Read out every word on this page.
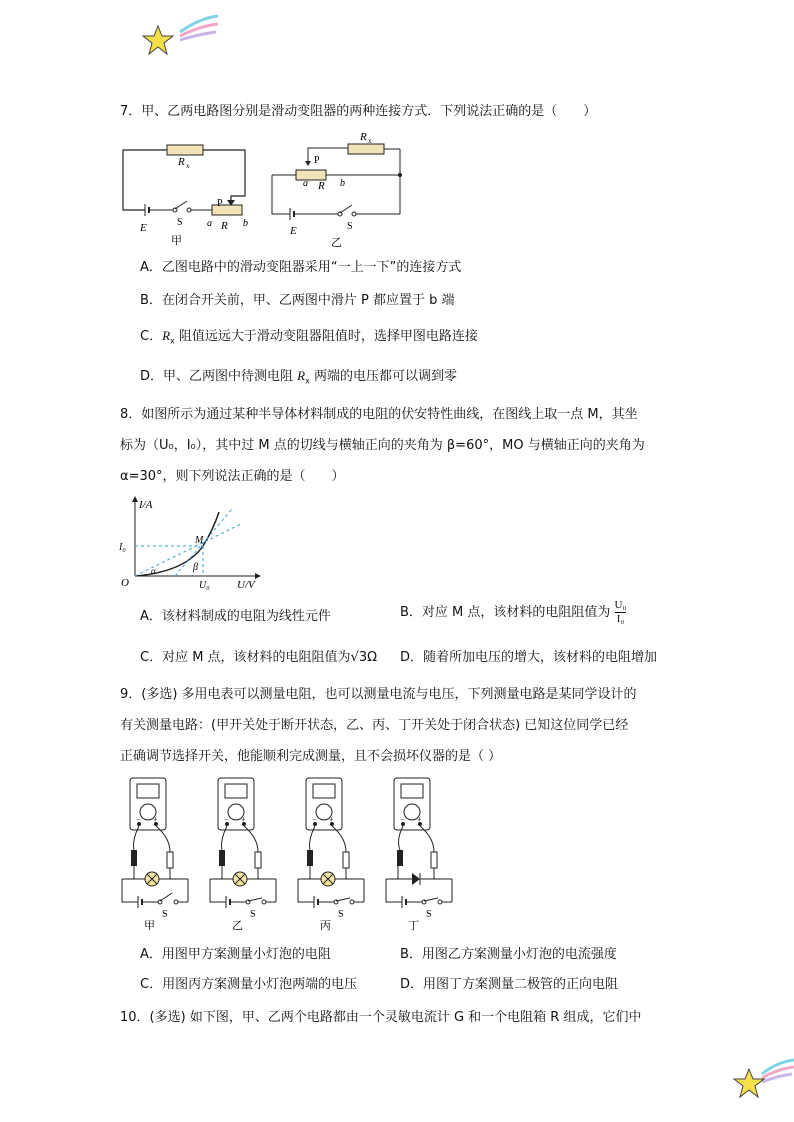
7．甲、乙两电路图分别是滑动变阻器的两种连接方式．下列说法正确的是（　　）
R x
P
a R b
E	S
甲
R x
P
a R b
E	S
乙
A．乙图电路中的滑动变阻器采用“一上一下”的连接方式
B．在闭合开关前，甲、乙两图中滑片 P 都应置于 b 端
C．$R_x$ 阻值远远大于滑动变阻器阻值时，选择甲图电路连接
D．甲、乙两图中待测电阻 $R_x$ 两端的电压都可以调到零
8．如图所示为通过某种半导体材料制成的电阻的伏安特性曲线，在图线上取一点 M，其坐
标为（U₀，I₀），其中过 M 点的切线与横轴正向的夹角为 β=60°，MO 与横轴正向的夹角为
α=30°，则下列说法正确的是（　　）
I/A
I₀
M
β
α
O	U₀ U/V
A．该材料制成的电阻为线性元件	B．对应 M 点，该材料的电阻阻值为 $\frac{\text{U₀}}{\text{I₀}}$
C．对应 M 点，该材料的电阻阻值为√3Ω D．随着所加电压的增大，该材料的电阻增加
9．(多选) 多用电表可以测量电阻，也可以测量电流与电压，下列测量电路是某同学设计的
有关测量电路：(甲开关处于断开状态，乙、丙、丁开关处于闭合状态) 已知这位同学已经
正确调节选择开关，他能顺利完成测量，且不会损坏仪器的是（ ）
− +
S
甲
− +
S
乙
− +
S
丙
− +
S
丁
A．用图甲方案测量小灯泡的电阻	B．用图乙方案测量小灯泡的电流强度
C．用图丙方案测量小灯泡两端的电压	D．用图丁方案测量二极管的正向电阻
10．(多选) 如下图，甲、乙两个电路都由一个灵敏电流计 G 和一个电阻箱 R 组成，它们中
